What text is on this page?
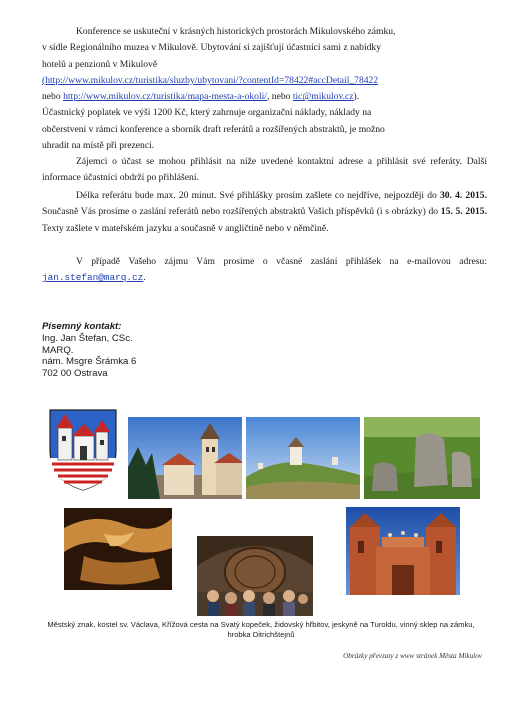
Konference se uskuteční v krásných historických prostorách Mikulovského zámku,
v sídle Regionálního muzea v Mikulově. Ubytování si zajišťují účastníci sami z nabídky
hotelů a penzionů v Mikulově
(http://www.mikulov.cz/turistika/sluzby/ubytovani/?contentId=78422#accDetail_78422
nebo http://www.mikulov.cz/turistika/mapa-mesta-a-okoli/, nebo tic@mikulov.cz).
Účastnický poplatek ve výši 1200 Kč, který zahrnuje organizační náklady, náklady na
občerstvení v rámci konference a sborník draft referátů a rozšířených abstraktů, je možno
uhradit na místě při prezenci.
Zájemci o účast se mohou přihlásit na níže uvedené kontaktní adrese a přihlásit své referáty. Další informace účastníci obdrží po přihlášení.
Délka referátu bude max. 20 minut. Své přihlášky prosím zašlete co nejdříve, nejpozději do 30. 4. 2015. Současně Vás prosíme o zaslání referátů nebo rozšířených abstraktů Vašich příspěvků (i s obrázky) do 15. 5. 2015. Texty zašlete v mateřském jazyku a současně v angličtině nebo v němčině.
V případě Vašeho zájmu Vám prosíme o včasné zaslání přihlášek na e-mailovou adresu: jan.stefan@marq.cz.
Písemný kontakt:
Ing. Jan Štefan, CSc.
MARQ.
nám. Msgre Šrámka 6
702 00 Ostrava
Městský znak, kostel sv. Václava, Křížová cesta na Svatý kopeček, židovský hřbitov, jeskyně na Turoldu, vinný sklep na zámku, hrobka Ditrichštejnů
Obrázky převzaty z www stránek Města Mikulov
